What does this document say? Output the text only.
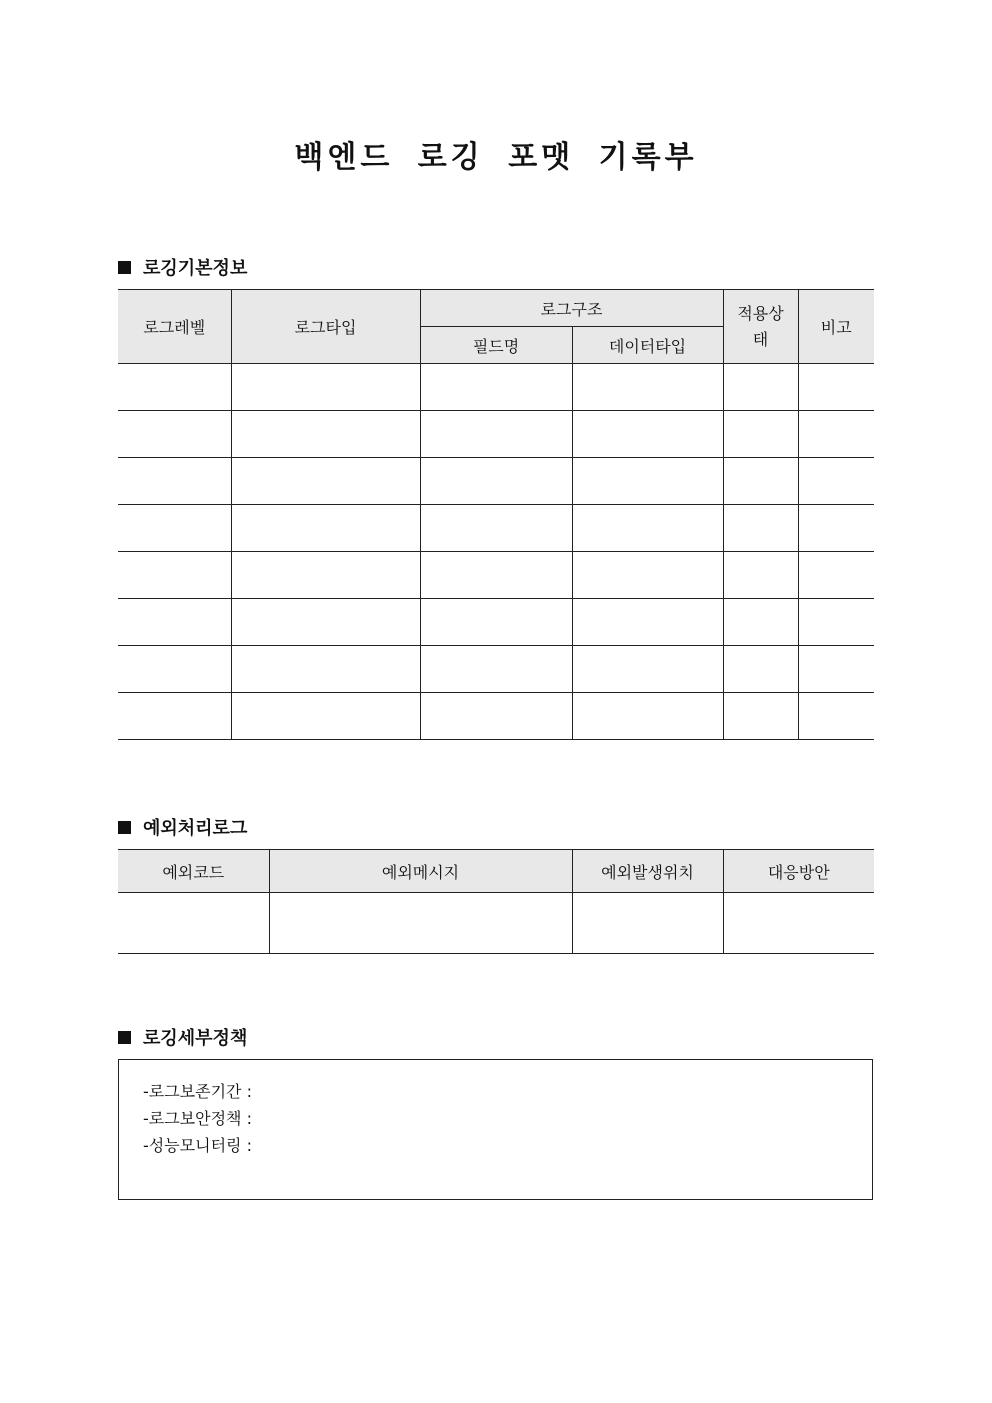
백엔드 로깅 포맷 기록부
로깅기본정보
로그레벨	로그타입	로그구조		적용상태	비고
		필드명	데이터타입		

예외처리로그
예외코드	예외메시지	예외발생위치	대응방안

로깅세부정책
-로그보존기간 :
-로그보안정책 :
-성능모니터링 :
